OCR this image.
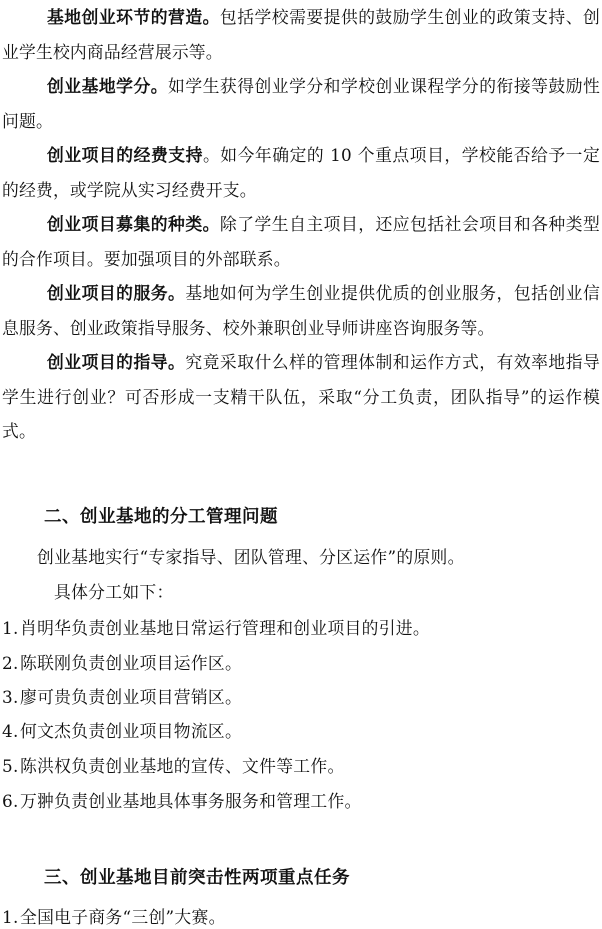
基地创业环节的营造。包括学校需要提供的鼓励学生创业的政策支持、创业学生校内商品经营展示等。

创业基地学分。如学生获得创业学分和学校创业课程学分的衔接等鼓励性问题。

创业项目的经费支持。如今年确定的 10 个重点项目，学校能否给予一定的经费，或学院从实习经费开支。

创业项目募集的种类。除了学生自主项目，还应包括社会项目和各种类型的合作项目。要加强项目的外部联系。

创业项目的服务。基地如何为学生创业提供优质的创业服务，包括创业信息服务、创业政策指导服务、校外兼职创业导师讲座咨询服务等。

创业项目的指导。究竟采取什么样的管理体制和运作方式，有效率地指导学生进行创业？可否形成一支精干队伍，采取“分工负责，团队指导”的运作模式。

二、创业基地的分工管理问题
创业基地实行“专家指导、团队管理、分区运作”的原则。
具体分工如下：
1.肖明华负责创业基地日常运行管理和创业项目的引进。
2.陈联刚负责创业项目运作区。
3.廖可贵负责创业项目营销区。
4.何文杰负责创业项目物流区。
5.陈洪权负责创业基地的宣传、文件等工作。
6.万翀负责创业基地具体事务服务和管理工作。
三、创业基地目前突击性两项重点任务
1.全国电子商务“三创”大赛。
